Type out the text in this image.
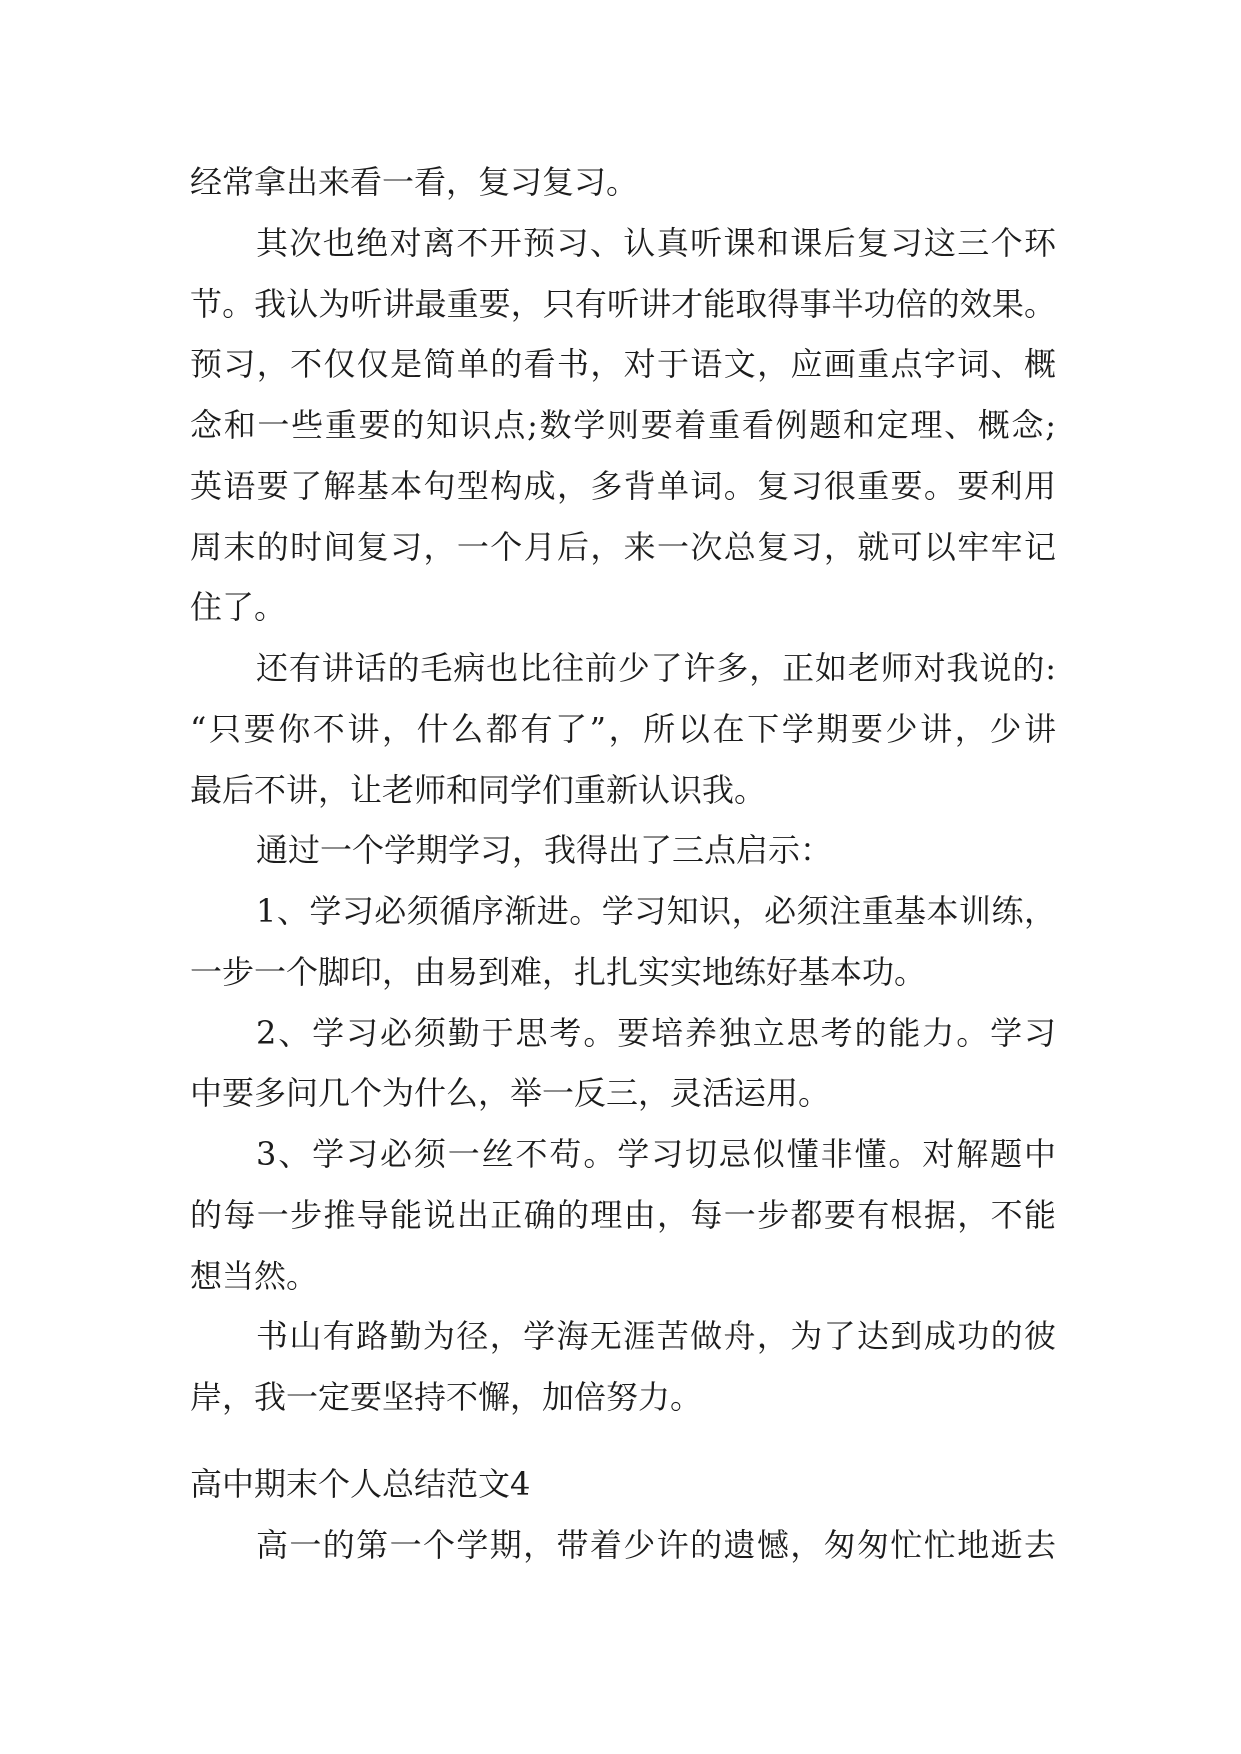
经常拿出来看一看，复习复习。
其次也绝对离不开预习、认真听课和课后复习这三个环
节。我认为听讲最重要，只有听讲才能取得事半功倍的效果。
预习，不仅仅是简单的看书，对于语文，应画重点字词、概
念和一些重要的知识点;数学则要着重看例题和定理、概念;
英语要了解基本句型构成，多背单词。复习很重要。要利用
周末的时间复习，一个月后，来一次总复习，就可以牢牢记
住了。
还有讲话的毛病也比往前少了许多，正如老师对我说的:
“只要你不讲，什么都有了”，所以在下学期要少讲，少讲
最后不讲，让老师和同学们重新认识我。
通过一个学期学习，我得出了三点启示：
1、学习必须循序渐进。学习知识，必须注重基本训练，
一步一个脚印，由易到难，扎扎实实地练好基本功。
2、学习必须勤于思考。要培养独立思考的能力。学习
中要多问几个为什么，举一反三，灵活运用。
3、学习必须一丝不苟。学习切忌似懂非懂。对解题中
的每一步推导能说出正确的理由，每一步都要有根据，不能
想当然。
书山有路勤为径，学海无涯苦做舟，为了达到成功的彼
岸，我一定要坚持不懈，加倍努力。
高中期末个人总结范文4
高一的第一个学期，带着少许的遗憾，匆匆忙忙地逝去
